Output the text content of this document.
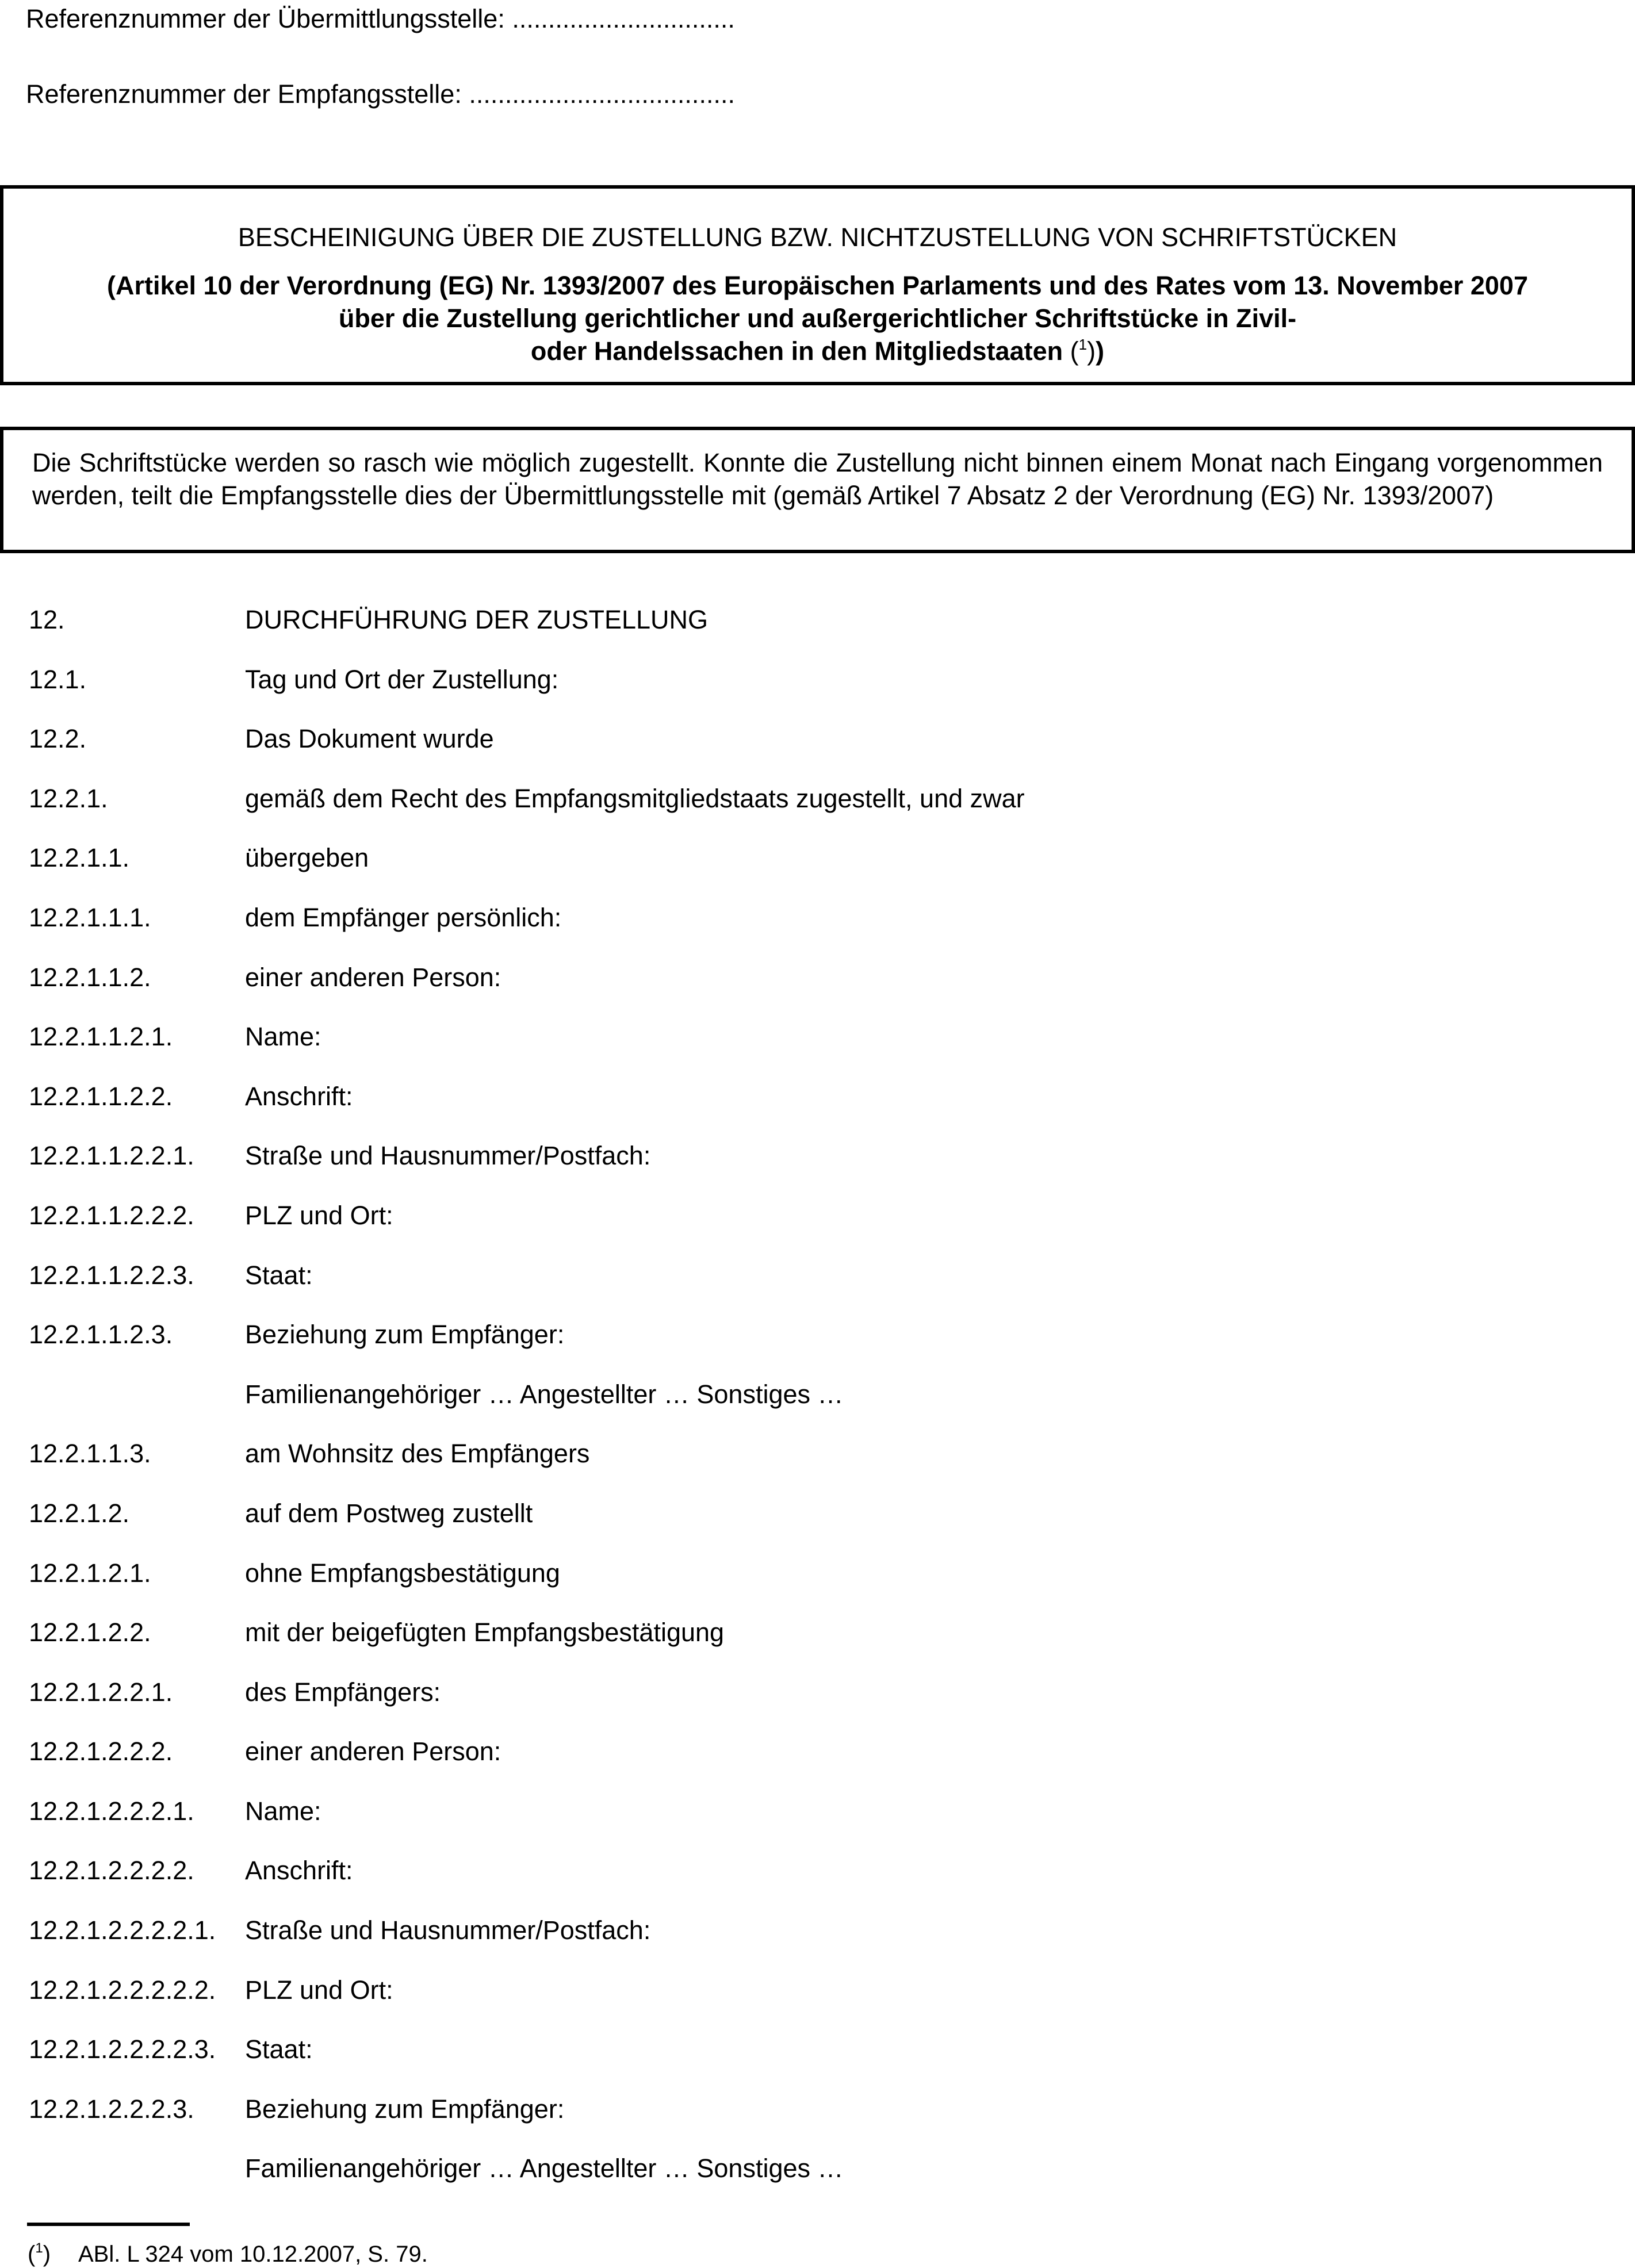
Referenznummer der Übermittlungsstelle: ...............................
Referenznummer der Empfangsstelle: .....................................
BESCHEINIGUNG ÜBER DIE ZUSTELLUNG BZW. NICHTZUSTELLUNG VON SCHRIFTSTÜCKEN
(Artikel 10 der Verordnung (EG) Nr. 1393/2007 des Europäischen Parlaments und des Rates vom 13. November 2007
über die Zustellung gerichtlicher und außergerichtlicher Schriftstücke in Zivil-
oder Handelssachen in den Mitgliedstaaten ($^1$))
Die Schriftstücke werden so rasch wie möglich zugestellt. Konnte die Zustellung nicht binnen einem Monat nach Eingang vorgenommen werden, teilt die Empfangsstelle dies der Übermittlungsstelle mit (gemäß Artikel 7 Absatz 2 der Verordnung (EG) Nr. 1393/2007)
12.	DURCHFÜHRUNG DER ZUSTELLUNG
12.1.	Tag und Ort der Zustellung:
12.2.	Das Dokument wurde
12.2.1.	gemäß dem Recht des Empfangsmitgliedstaats zugestellt, und zwar
12.2.1.1.	übergeben
12.2.1.1.1.	dem Empfänger persönlich:
12.2.1.1.2.	einer anderen Person:
12.2.1.1.2.1.	Name:
12.2.1.1.2.2.	Anschrift:
12.2.1.1.2.2.1. Straße und Hausnummer/Postfach:
12.2.1.1.2.2.2. PLZ und Ort:
12.2.1.1.2.2.3. Staat:
12.2.1.1.2.3.	Beziehung zum Empfänger:
Familienangehöriger … Angestellter … Sonstiges …
12.2.1.1.3.	am Wohnsitz des Empfängers
12.2.1.2.	auf dem Postweg zustellt
12.2.1.2.1.	ohne Empfangsbestätigung
12.2.1.2.2.	mit der beigefügten Empfangsbestätigung
12.2.1.2.2.1.	des Empfängers:
12.2.1.2.2.2.	einer anderen Person:
12.2.1.2.2.2.1. Name:
12.2.1.2.2.2.2. Anschrift:
12.2.1.2.2.2.2.1. Straße und Hausnummer/Postfach:
12.2.1.2.2.2.2.2. PLZ und Ort:
12.2.1.2.2.2.2.3. Staat:
12.2.1.2.2.2.3. Beziehung zum Empfänger:
Familienangehöriger … Angestellter … Sonstiges …
($^1$) ABl. L 324 vom 10.12.2007, S. 79.
